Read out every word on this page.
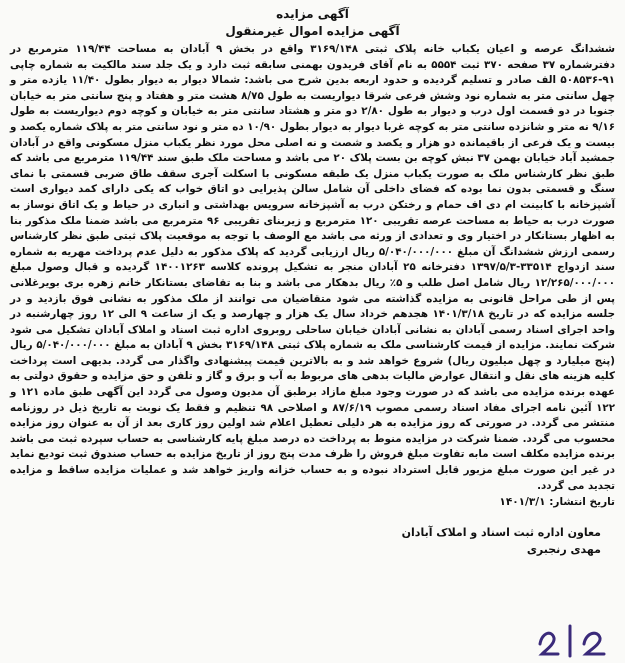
آگهی مزایده

آگهی مزایده اموال غیرمنقول

ششدانگ عرصه و اعیان یکباب خانه پلاک ثبتی ۳۱۶۹/۱۴۸ واقع در بخش ۹ آبادان به مساحت ۱۱۹/۴۴ مترمربع در دفترشماره ۳۷ صفحه ۳۷۰ ثبت ۵۵۵۴ به نام آقای فریدون بهمنی سابقه ثبت دارد و یک جلد سند مالکیت به شماره چاپی ۹۱-۵۰۸۵۳۶ الف صادر و تسلیم گردیده و حدود اربعه بدین شرح می باشد: شمالا دیوار به دیوار بطول ۱۱/۴۰ یازده متر و چهل سانتی متر به شماره نود وشش فرعی شرقا دیواریست به طول ۸/۷۵ هشت متر و هفتاد و پنج سانتی متر به خیابان جنوبا در دو قسمت اول درب و دیوار به طول ۲/۸۰ دو متر و هشتاد سانتی متر به خیابان و کوچه دوم دیواریست به طول ۹/۱۶ نه متر و شانزده سانتی متر به کوچه غربا دیوار به دیوار بطول ۱۰/۹۰ ده متر و نود سانتی متر به پلاک شماره یکصد و بیست و یک فرعی از باقیمانده دو هزار و یکصد و شصت و نه اصلی محل مورد نظر یکباب منزل مسکونی واقع در آبادان جمشید آباد خیابان بهمن ۳۷ نبش کوچه بن بست پلاک ۲۰ می باشد و مساحت ملک طبق سند ۱۱۹/۴۴ مترمربع می باشد که طبق نظر کارشناس ملک به صورت یکباب منزل یک طبقه مسکونی با اسکلت آجری سقف طاق ضربی قسمتی با نمای سنگ و قسمتی بدون نما بوده که فضای داخلی آن شامل سالن پذیرایی دو اتاق خواب که یکی دارای کمد دیواری است آشپزخانه با کابینت ام دی اف حمام و رختکن درب به آشپزخانه سرویس بهداشتی و انباری در حیاط و یک اتاق نوساز به صورت درب به حیاط به مساحت عرصه تقریبی ۱۲۰ مترمربع و زیربنای تقریبی ۹۶ مترمربع می باشد ضمنا ملک مذکور بنا به اظهار بستانکار در اختیار وی و تعدادی از ورثه می باشد مع الوصف با توجه به موقعیت پلاک ثبتی طبق نظر کارشناس رسمی ارزش ششدانگ آن مبلغ ۵/۰۴۰/۰۰۰/۰۰۰ ریال ارزیابی گردید که پلاک مذکور به دلیل عدم پرداخت مهریه به شماره سند ازدواج ۳۳۵۱۴-۱۳۹۷/۵/۳ دفترخانه ۲۵ آبادان منجر به تشکیل پرونده کلاسه ۱۴۰۰۱۲۶۳ گردیده و قبال وصول مبلغ ۱۲/۲۶۵/۰۰۰/۰۰۰ ریال شامل اصل طلب و ۵٪ ریال بدهکار می باشد و بنا به تقاضای بستانکار خانم زهره بری بویرغلانی پس از طی مراحل قانونی به مزایده گذاشته می شود متقاضیان می توانند از ملک مذکور به نشانی فوق بازدید و در جلسه مزایده که در تاریخ ۱۴۰۱/۳/۱۸ هجدهم خرداد سال یک هزار و چهارصد و یک از ساعت ۹ الی ۱۲ روز چهارشنبه در واحد اجرای اسناد رسمی آبادان به نشانی آبادان خیابان ساحلی روبروی اداره ثبت اسناد و املاک آبادان تشکیل می شود شرکت نمایند. مزایده از قیمت کارشناسی ملک به شماره پلاک ثبتی ۳۱۶۹/۱۴۸ بخش ۹ آبادان به مبلغ ۵/۰۴۰/۰۰۰/۰۰۰ ریال (پنج میلیارد و چهل میلیون ریال) شروع خواهد شد و به بالاترین قیمت پیشنهادی واگذار می گردد. بدیهی است پرداخت کلیه هزینه های نقل و انتقال عوارض مالیات بدهی های مربوط به آب و برق و گاز و تلفن و حق مزایده و حقوق دولتی به عهده برنده مزایده می باشد که در صورت وجود مبلغ مازاد برطبق آن مدیون وصول می گردد این آگهی طبق ماده ۱۲۱ و ۱۲۲ آئین نامه اجرای مفاد اسناد رسمی مصوب ۸۷/۶/۱۹ و اصلاحی ۹۸ تنظیم و فقط یک نوبت به تاریخ ذیل در روزنامه منتشر می گردد. در صورتی که روز مزایده به هر دلیلی تعطیل اعلام شد اولین روز کاری بعد از آن به عنوان روز مزایده محسوب می گردد. ضمنا شرکت در مزایده منوط به پرداخت ده درصد مبلغ پایه کارشناسی به حساب سپرده ثبت می باشد برنده مزایده مکلف است مابه تفاوت مبلغ فروش را ظرف مدت پنج روز از تاریخ مزایده به حساب صندوق ثبت تودیع نماید در غیر این صورت مبلغ مزبور قابل استرداد نبوده و به حساب خزانه واریز خواهد شد و عملیات مزایده ساقط و مزایده تجدید می گردد.

تاریخ انتشار: ۱۴۰۱/۳/۱

معاون اداره ثبت اسناد و املاک آبادان
مهدی رنجبری
